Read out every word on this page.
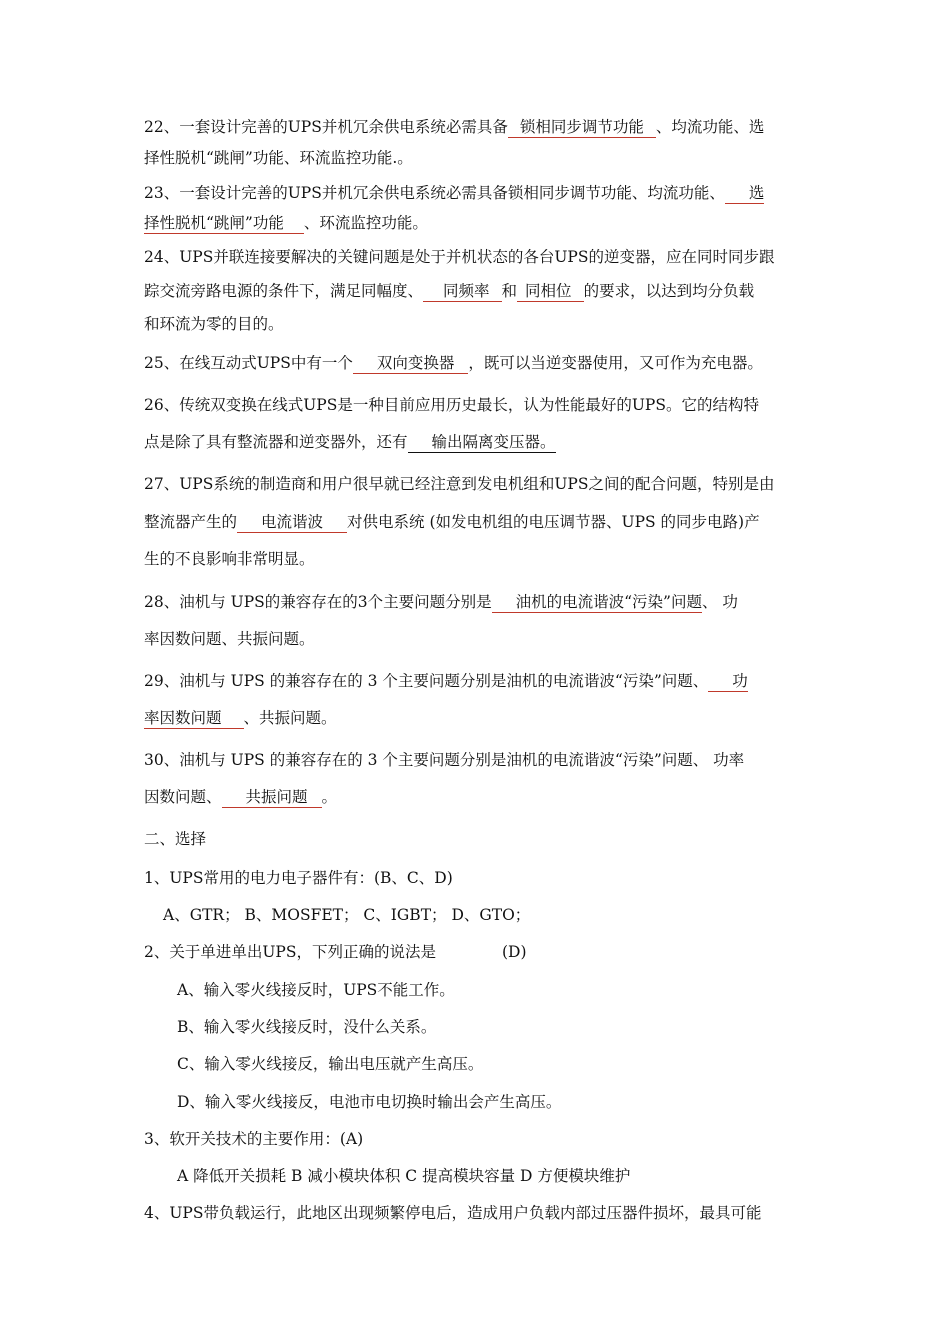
22、一套设计完善的UPS并机冗余供电系统必需具备 锁相同步调节功能 、均流功能、选
择性脱机“跳闸”功能、环流监控功能.。
23、一套设计完善的UPS并机冗余供电系统必需具备锁相同步调节功能、均流功能、 选
择性脱机“跳闸”功能 、环流监控功能。
24、UPS并联连接要解决的关键问题是处于并机状态的各台UPS的逆变器，应在同时同步跟
踪交流旁路电源的条件下，满足同幅度、 同频率 和 同相位 的要求，以达到均分负载
和环流为零的目的。
25、在线互动式UPS中有一个 双向变换器 ，既可以当逆变器使用，又可作为充电器。
26、传统双变换在线式UPS是一种目前应用历史最长，认为性能最好的UPS。它的结构特
点是除了具有整流器和逆变器外，还有 输出隔离变压器。
27、UPS系统的制造商和用户很早就已经注意到发电机组和UPS之间的配合问题，特别是由
整流器产生的 电流谐波 对供电系统 (如发电机组的电压调节器、UPS 的同步电路)产
生的不良影响非常明显。
28、油机与 UPS的兼容存在的3个主要问题分别是 油机的电流谐波“污染”问题、 功
率因数问题、共振问题。
29、油机与 UPS 的兼容存在的 3 个主要问题分别是油机的电流谐波“污染”问题、 功
率因数问题 、共振问题。
30、油机与 UPS 的兼容存在的 3 个主要问题分别是油机的电流谐波“污染”问题、 功率
因数问题、 共振问题 。
二、选择
1、UPS常用的电力电子器件有：(B、C、D)
A、GTR； B、MOSFET； C、IGBT； D、GTO；
2、关于单进单出UPS，下列正确的说法是	(D)
A、输入零火线接反时，UPS不能工作。
B、输入零火线接反时，没什么关系。
C、输入零火线接反，输出电压就产生高压。
D、输入零火线接反，电池市电切换时输出会产生高压。
3、软开关技术的主要作用：(A)
A 降低开关损耗 B 减小模块体积 C 提高模块容量 D 方便模块维护
4、UPS带负载运行，此地区出现频繁停电后，造成用户负载内部过压器件损坏，最具可能
